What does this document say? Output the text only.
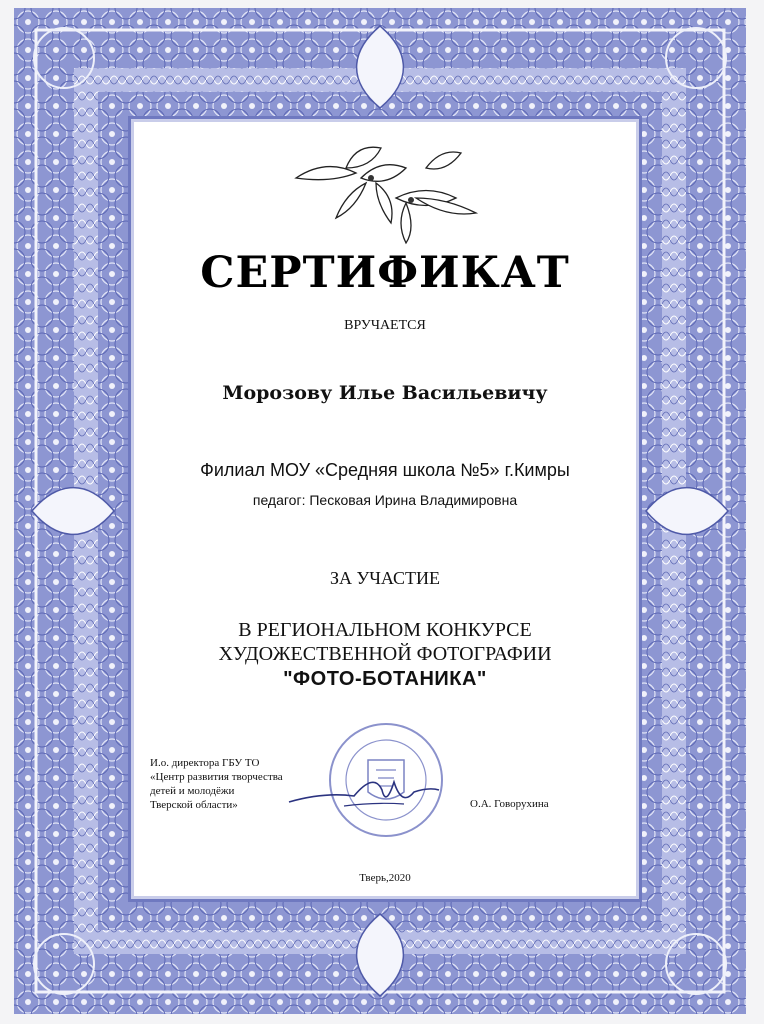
СЕРТИФИКАТ
ВРУЧАЕТСЯ
Морозову Илье Васильевичу
Филиал МОУ «Средняя школа №5» г.Кимры
педагог: Песковая Ирина Владимировна
ЗА УЧАСТИЕ
В РЕГИОНАЛЬНОМ КОНКУРСЕ
ХУДОЖЕСТВЕННОЙ ФОТОГРАФИИ
"ФОТО-БОТАНИКА"
И.о. директора ГБУ ТО
«Центр развития творчества
детей и молодёжи
Тверской области»	О.А. Говорухина
Тверь,2020
